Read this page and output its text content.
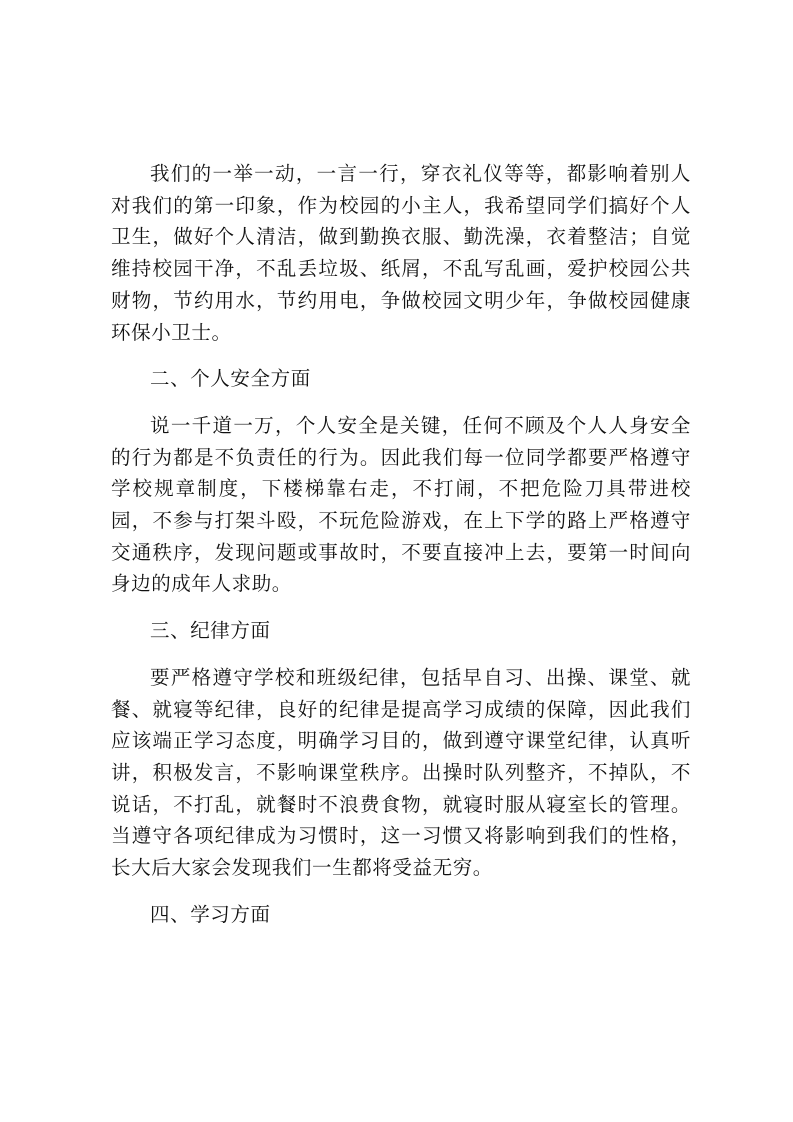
我们的一举一动，一言一行，穿衣礼仪等等，都影响着别人对我们的第一印象，作为校园的小主人，我希望同学们搞好个人卫生，做好个人清洁，做到勤换衣服、勤洗澡，衣着整洁；自觉维持校园干净，不乱丢垃圾、纸屑，不乱写乱画，爱护校园公共财物，节约用水，节约用电，争做校园文明少年，争做校园健康环保小卫士。

二、个人安全方面

说一千道一万，个人安全是关键，任何不顾及个人人身安全的行为都是不负责任的行为。因此我们每一位同学都要严格遵守学校规章制度，下楼梯靠右走，不打闹，不把危险刀具带进校园，不参与打架斗殴，不玩危险游戏，在上下学的路上严格遵守交通秩序，发现问题或事故时，不要直接冲上去，要第一时间向身边的成年人求助。

三、纪律方面

要严格遵守学校和班级纪律，包括早自习、出操、课堂、就餐、就寝等纪律，良好的纪律是提高学习成绩的保障，因此我们应该端正学习态度，明确学习目的，做到遵守课堂纪律，认真听讲，积极发言，不影响课堂秩序。出操时队列整齐，不掉队，不说话，不打乱，就餐时不浪费食物，就寝时服从寝室长的管理。当遵守各项纪律成为习惯时，这一习惯又将影响到我们的性格，长大后大家会发现我们一生都将受益无穷。

四、学习方面
